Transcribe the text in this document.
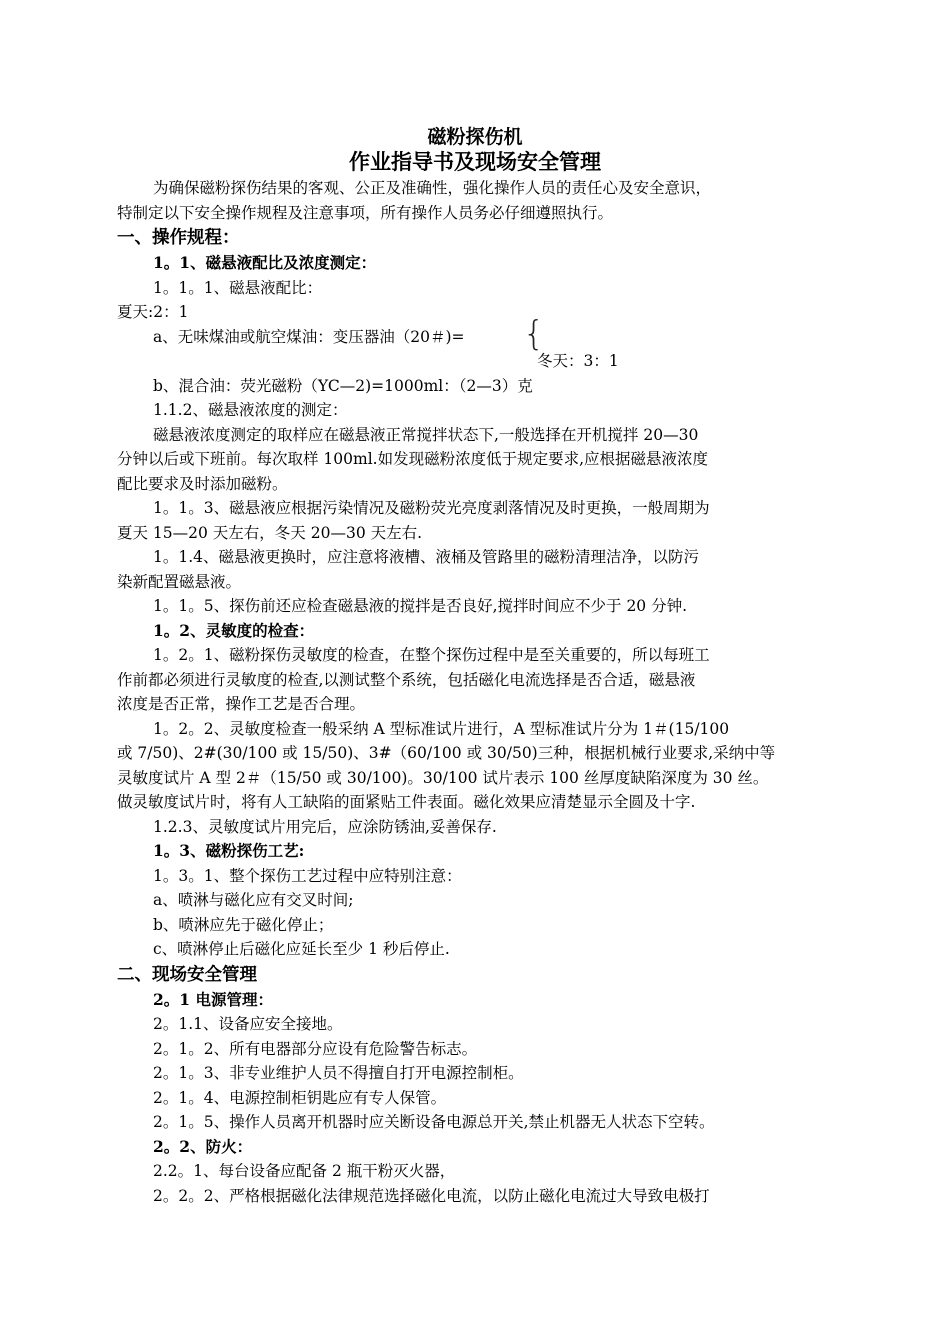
磁粉探伤机
作业指导书及现场安全管理
为确保磁粉探伤结果的客观、公正及准确性，强化操作人员的责任心及安全意识，
特制定以下安全操作规程及注意事项，所有操作人员务必仔细遵照执行。
一、操作规程：
1。1、磁悬液配比及浓度测定：
1。1。1、磁悬液配比：
夏天:2：1
a、无味煤油或航空煤油：变压器油（20＃)= {
冬天：3：1
b、混合油：荧光磁粉（YC—2)=1000ml：（2—3）克
1.1.2、磁悬液浓度的测定：
磁悬液浓度测定的取样应在磁悬液正常搅拌状态下,一般选择在开机搅拌 20—30
分钟以后或下班前。每次取样 100ml.如发现磁粉浓度低于规定要求,应根据磁悬液浓度
配比要求及时添加磁粉。
1。1。3、磁悬液应根据污染情况及磁粉荧光亮度剥落情况及时更换，一般周期为
夏天 15—20 天左右，冬天 20—30 天左右.
1。1.4、磁悬液更换时，应注意将液槽、液桶及管路里的磁粉清理洁净，以防污
染新配置磁悬液。
1。1。5、探伤前还应检查磁悬液的搅拌是否良好,搅拌时间应不少于 20 分钟.
1。2、灵敏度的检查：
1。2。1、磁粉探伤灵敏度的检查，在整个探伤过程中是至关重要的，所以每班工
作前都必须进行灵敏度的检查,以测试整个系统，包括磁化电流选择是否合适，磁悬液
浓度是否正常，操作工艺是否合理。
1。2。2、灵敏度检查一般采纳 A 型标准试片进行，A 型标准试片分为 1＃(15/100
或 7/50)、2#(30/100 或 15/50)、3#（60/100 或 30/50)三种，根据机械行业要求,采纳中等
灵敏度试片 A 型 2＃（15/50 或 30/100)。30/100 试片表示 100 丝厚度缺陷深度为 30 丝。
做灵敏度试片时，将有人工缺陷的面紧贴工件表面。磁化效果应清楚显示全圆及十字.
1.2.3、灵敏度试片用完后，应涂防锈油,妥善保存.
1。3、磁粉探伤工艺:
1。3。1、整个探伤工艺过程中应特别注意：
a、喷淋与磁化应有交叉时间;
b、喷淋应先于磁化停止；
c、喷淋停止后磁化应延长至少 1 秒后停止.
二、现场安全管理
2。1 电源管理：
2。1.1、设备应安全接地。
2。1。2、所有电器部分应设有危险警告标志。
2。1。3、非专业维护人员不得擅自打开电源控制柜。
2。1。4、电源控制柜钥匙应有专人保管。
2。1。5、操作人员离开机器时应关断设备电源总开关,禁止机器无人状态下空转。
2。2、防火：
2.2。1、每台设备应配备 2 瓶干粉灭火器，
2。2。2、严格根据磁化法律规范选择磁化电流，以防止磁化电流过大导致电极打
